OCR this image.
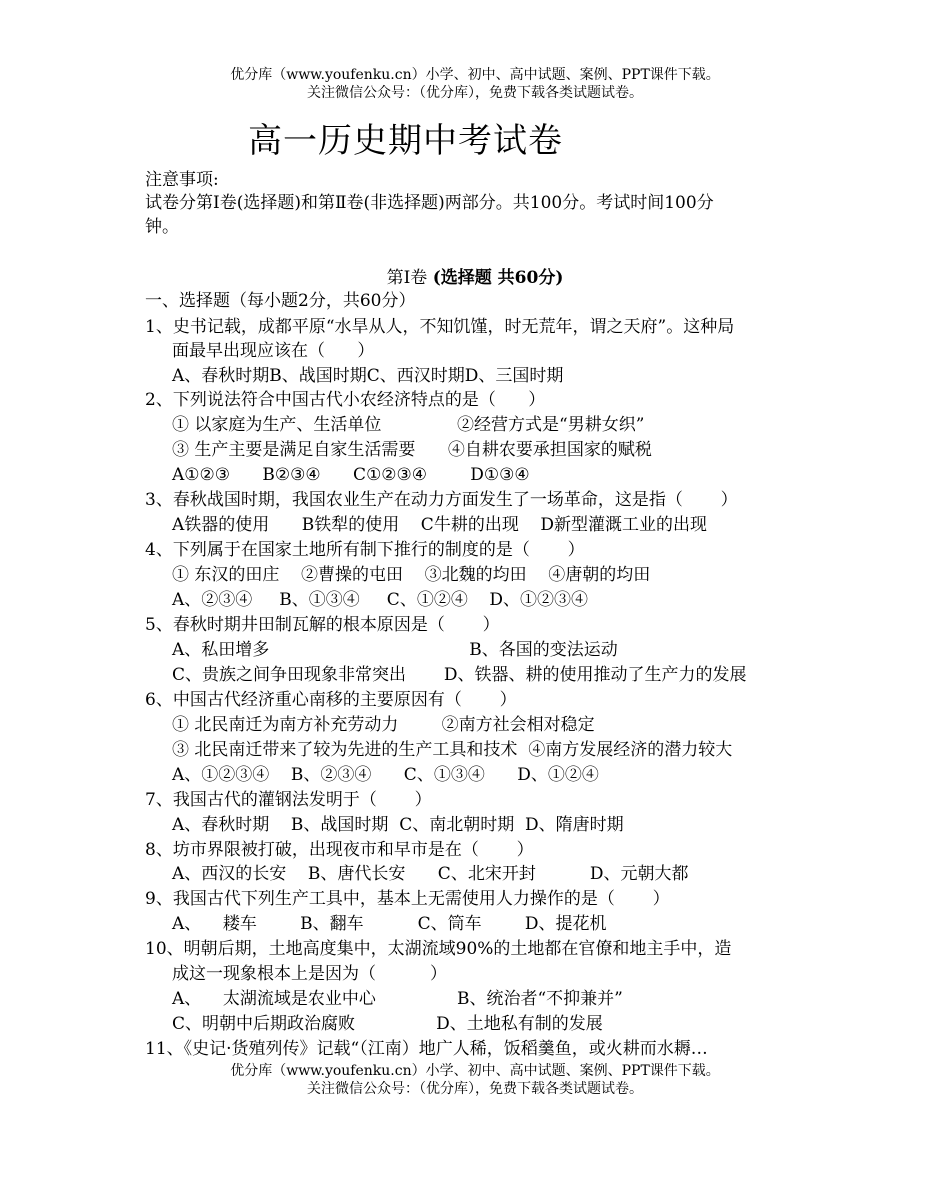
优分库（www.youfenku.cn）小学、初中、高中试题、案例、PPT课件下载。
关注微信公众号：（优分库），免费下载各类试题试卷。
高一历史期中考试卷
注意事项:
试卷分第Ⅰ卷(选择题)和第Ⅱ卷(非选择题)两部分。共100分。考试时间100分
钟。
第Ⅰ卷 (选择题 共60分)
一、选择题（每小题2分，共60分）
1、史书记载，成都平原“水旱从人，不知饥馑，时无荒年，谓之天府”。这种局
面最早出现应该在（      ）
A、春秋时期B、战国时期C、西汉时期D、三国时期
2、下列说法符合中国古代小农经济特点的是（      ）
① 以家庭为生产、生活单位              ②经营方式是“男耕女织”
③ 生产主要是满足自家生活需要      ④自耕农要承担国家的赋税
A①②③      B②③④      C①②③④        D①③④
3、春秋战国时期，我国农业生产在动力方面发生了一场革命，这是指（       ）
A铁器的使用      B铁犁的使用    C牛耕的出现    D新型灌溉工业的出现
4、下列属于在国家土地所有制下推行的制度的是（       ）
① 东汉的田庄    ②曹操的屯田    ③北魏的均田    ④唐朝的均田
A、②③④     B、①③④     C、①②④    D、①②③④
5、春秋时期井田制瓦解的根本原因是（       ）
A、私田增多                                     B、各国的变法运动
C、贵族之间争田现象非常突出       D、铁器、耕的使用推动了生产力的发展
6、中国古代经济重心南移的主要原因有（       ）
① 北民南迁为南方补充劳动力        ②南方社会相对稳定
③ 北民南迁带来了较为先进的生产工具和技术  ④南方发展经济的潜力较大
A、①②③④    B、②③④      C、①③④      D、①②④
7、我国古代的灌钢法发明于（       ）
A、春秋时期    B、战国时期  C、南北朝时期  D、隋唐时期
8、坊市界限被打破，出现夜市和早市是在（       ）
A、西汉的长安    B、唐代长安      C、北宋开封          D、元朝大都
9、我国古代下列生产工具中，基本上无需使用人力操作的是（       ）
A、    耧车        B、翻车          C、筒车        D、提花机
10、明朝后期，土地高度集中，太湖流域90%的土地都在官僚和地主手中，造
成这一现象根本上是因为（          ）
A、    太湖流域是农业中心               B、统治者“不抑兼并”
C、明朝中后期政治腐败               D、土地私有制的发展
11、《史记·货殖列传》记载“（江南）地广人稀，饭稻羹鱼，或火耕而水耨…
优分库（www.youfenku.cn）小学、初中、高中试题、案例、PPT课件下载。
关注微信公众号：（优分库），免费下载各类试题试卷。
